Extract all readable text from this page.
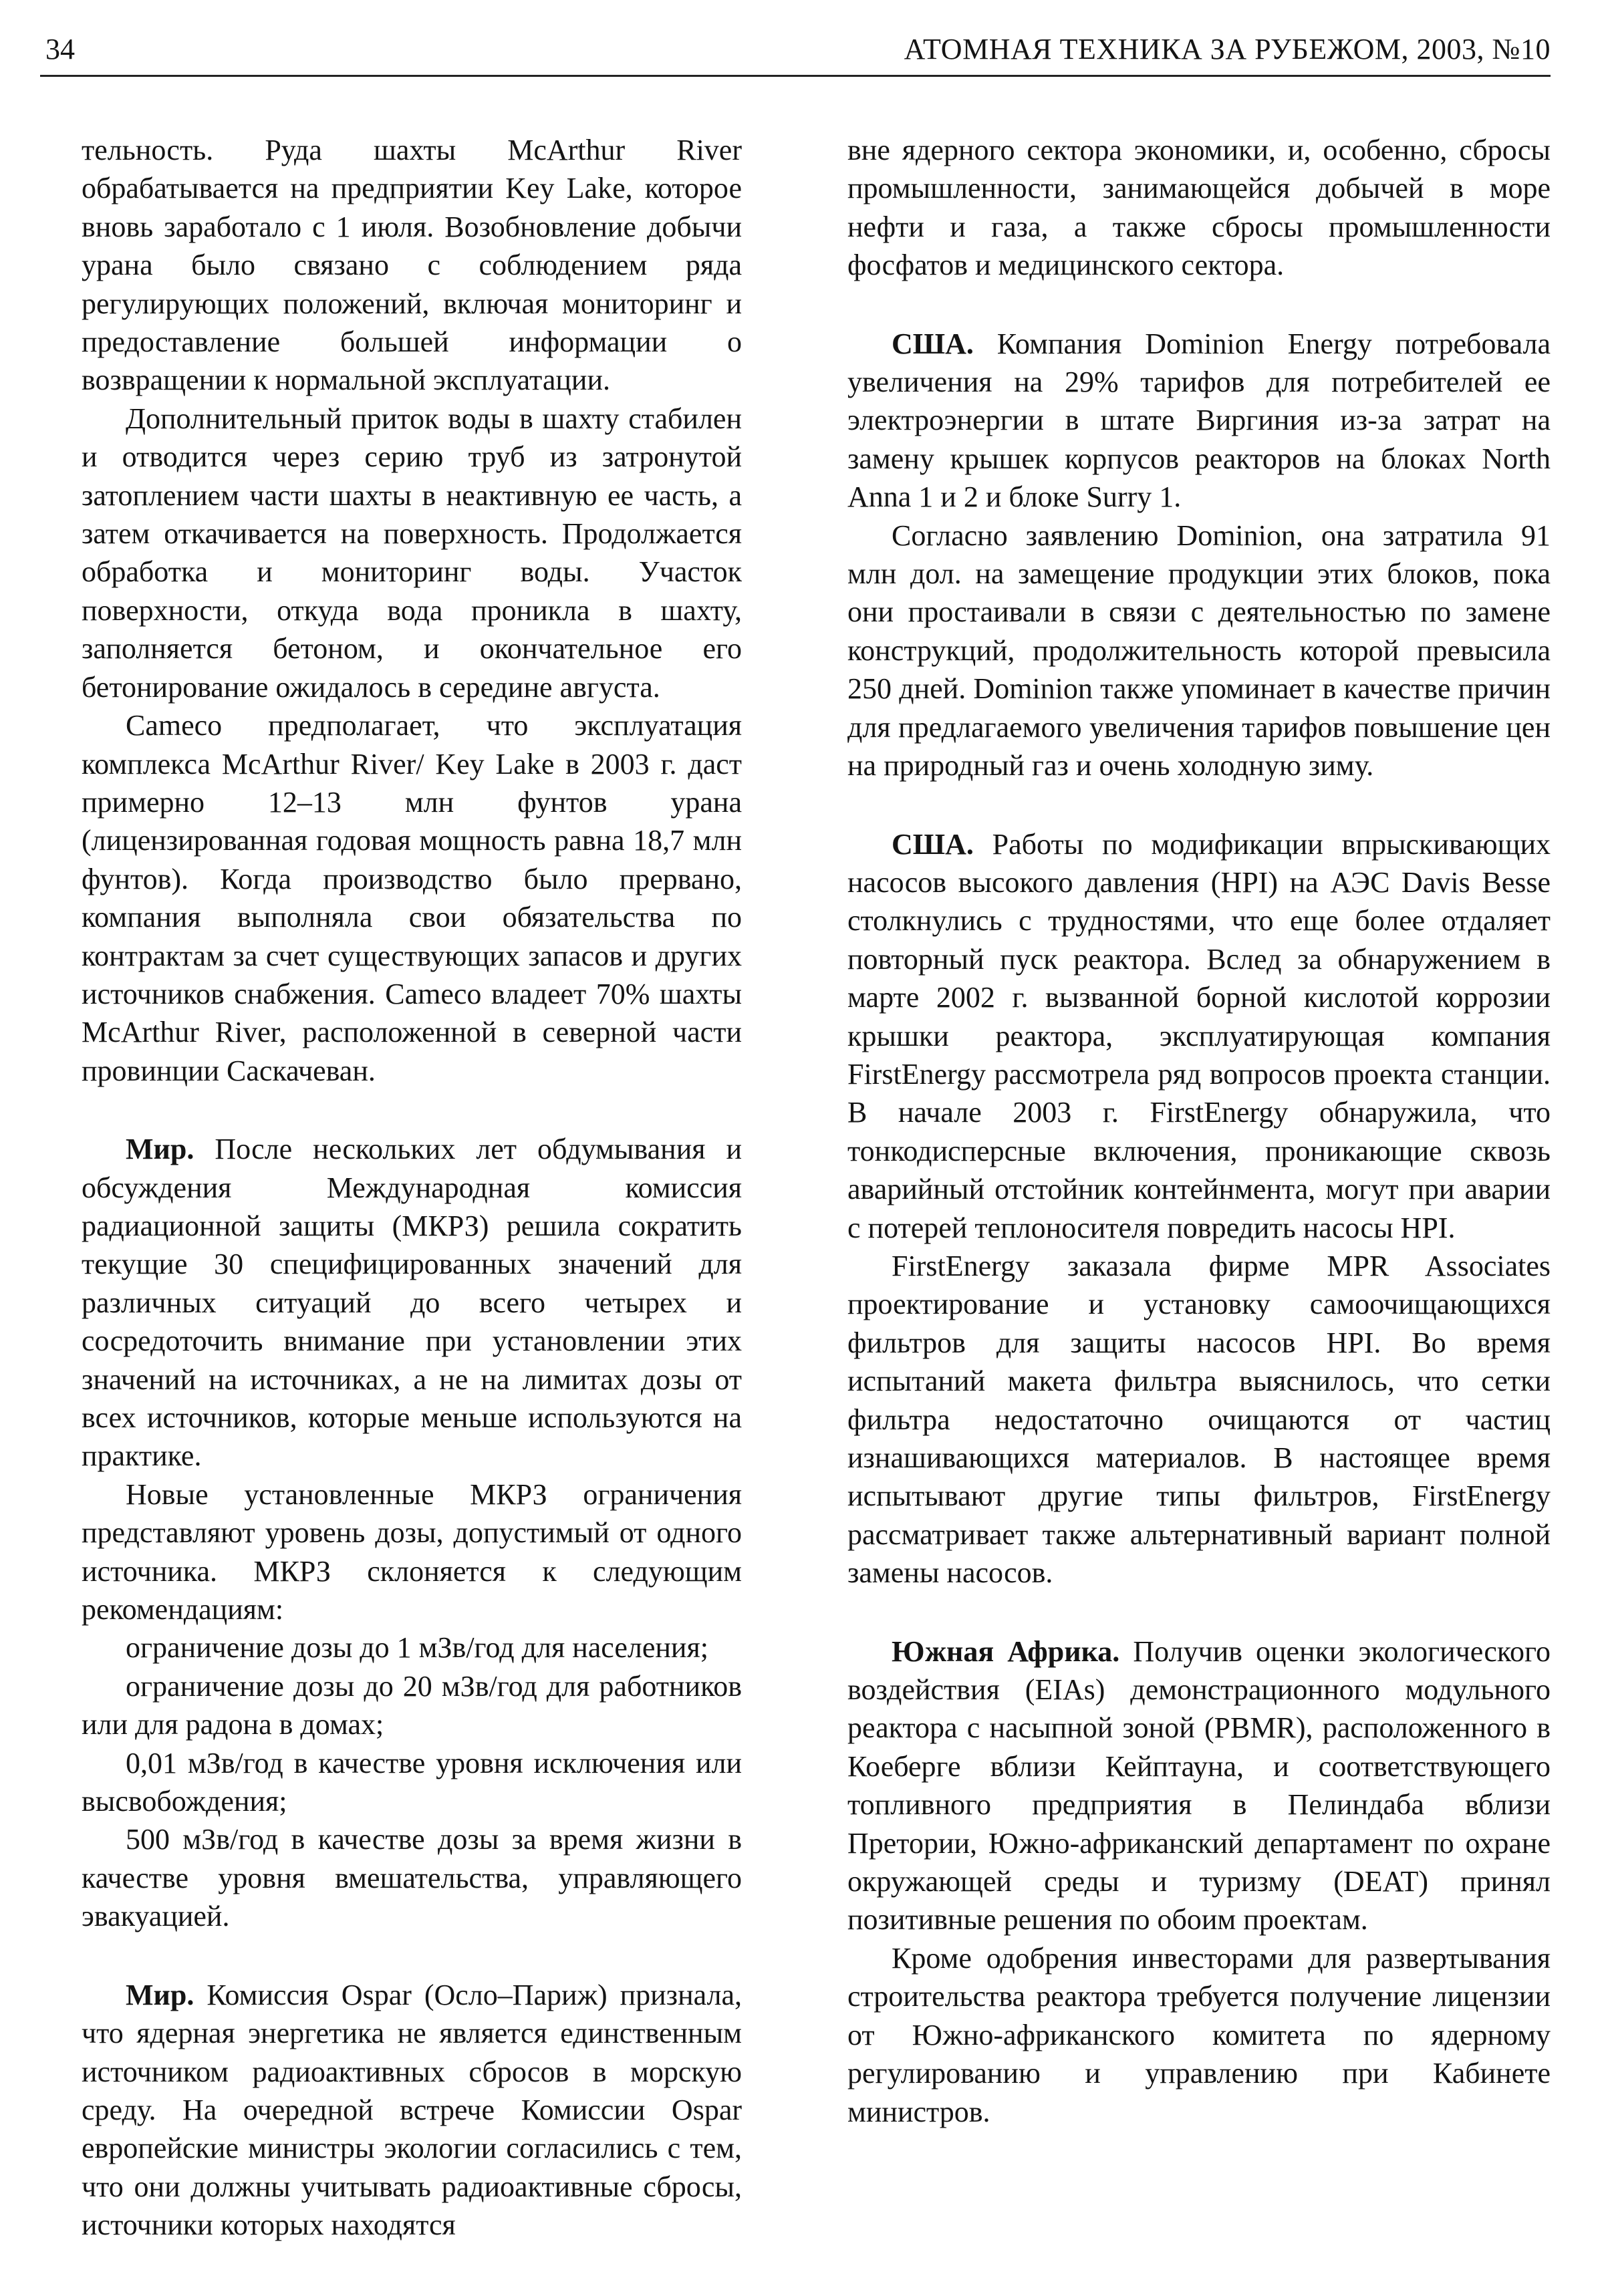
34	АТОМНАЯ ТЕХНИКА ЗА РУБЕЖОМ, 2003, №10

тельность. Руда шахты McArthur River обрабатывается на предприятии Key Lake, которое вновь заработало с 1 июля. Возобновление добычи урана было связано с соблюдением ряда регулирующих положений, включая мониторинг и предоставление большей информации о возвращении к нормальной эксплуатации.

Дополнительный приток воды в шахту стабилен и отводится через серию труб из затронутой затоплением части шахты в неактивную ее часть, а затем откачивается на поверхность. Продолжается обработка и мониторинг воды. Участок поверхности, откуда вода проникла в шахту, заполняется бетоном, и окончательное его бетонирование ожидалось в середине августа.

Cameco предполагает, что эксплуатация комплекса McArthur River/ Key Lake в 2003 г. даст примерно 12–13 млн фунтов урана (лицензированная годовая мощность равна 18,7 млн фунтов). Когда производство было прервано, компания выполняла свои обязательства по контрактам за счет существующих запасов и других источников снабжения. Cameco владеет 70% шахты McArthur River, расположенной в северной части провинции Саскачеван.

Мир. После нескольких лет обдумывания и обсуждения Международная комиссия радиационной защиты (МКРЗ) решила сократить текущие 30 специфицированных значений для различных ситуаций до всего четырех и сосредоточить внимание при установлении этих значений на источниках, а не на лимитах дозы от всех источников, которые меньше используются на практике.

Новые установленные МКРЗ ограничения представляют уровень дозы, допустимый от одного источника. МКРЗ склоняется к следующим рекомендациям:

ограничение дозы до 1 мЗв/год для населения;

ограничение дозы до 20 мЗв/год для работников или для радона в домах;

0,01 мЗв/год в качестве уровня исключения или высвобождения;

500 мЗв/год в качестве дозы за время жизни в качестве уровня вмешательства, управляющего эвакуацией.

Мир. Комиссия Ospar (Осло–Париж) признала, что ядерная энергетика не является единственным источником радиоактивных сбросов в морскую среду. На очередной встрече Комиссии Ospar европейские министры экологии согласились с тем, что они должны учитывать радиоактивные сбросы, источники которых находятся

вне ядерного сектора экономики, и, особенно, сбросы промышленности, занимающейся добычей в море нефти и газа, а также сбросы промышленности фосфатов и медицинского сектора.

США. Компания Dominion Energy потребовала увеличения на 29% тарифов для потребителей ее электроэнергии в штате Виргиния из-за затрат на замену крышек корпусов реакторов на блоках North Anna 1 и 2 и блоке Surry 1.

Согласно заявлению Dominion, она затратила 91 млн дол. на замещение продукции этих блоков, пока они простаивали в связи с деятельностью по замене конструкций, продолжительность которой превысила 250 дней. Dominion также упоминает в качестве причин для предлагаемого увеличения тарифов повышение цен на природный газ и очень холодную зиму.

США. Работы по модификации впрыскивающих насосов высокого давления (HPI) на АЭС Davis Besse столкнулись с трудностями, что еще более отдаляет повторный пуск реактора. Вслед за обнаружением в марте 2002 г. вызванной борной кислотой коррозии крышки реактора, эксплуатирующая компания FirstEnergy рассмотрела ряд вопросов проекта станции. В начале 2003 г. FirstEnergy обнаружила, что тонкодисперсные включения, проникающие сквозь аварийный отстойник контейнмента, могут при аварии с потерей теплоносителя повредить насосы HPI.

FirstEnergy заказала фирме MPR Associates проектирование и установку самоочищающихся фильтров для защиты насосов HPI. Во время испытаний макета фильтра выяснилось, что сетки фильтра недостаточно очищаются от частиц изнашивающихся материалов. В настоящее время испытывают другие типы фильтров, FirstEnergy рассматривает также альтернативный вариант полной замены насосов.

Южная Африка. Получив оценки экологического воздействия (EIAs) демонстрационного модульного реактора с насыпной зоной (PBMR), расположенного в Коеберге вблизи Кейптауна, и соответствующего топливного предприятия в Пелиндаба вблизи Претории, Южно-африканский департамент по охране окружающей среды и туризму (DEAT) принял позитивные решения по обоим проектам.

Кроме одобрения инвесторами для развертывания строительства реактора требуется получение лицензии от Южно-африканского комитета по ядерному регулированию и управлению при Кабинете министров.
